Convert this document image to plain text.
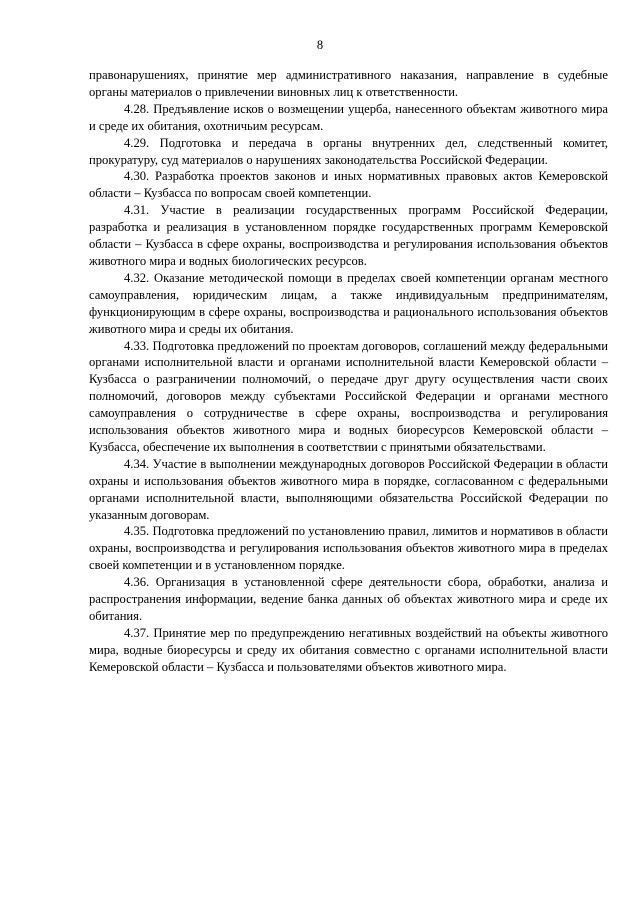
8

правонарушениях, принятие мер административного наказания, направление в судебные органы материалов о привлечении виновных лиц к ответственности.

4.28. Предъявление исков о возмещении ущерба, нанесенного объектам животного мира и среде их обитания, охотничьим ресурсам.

4.29. Подготовка и передача в органы внутренних дел, следственный комитет, прокуратуру, суд материалов о нарушениях законодательства Российской Федерации.

4.30. Разработка проектов законов и иных нормативных правовых актов Кемеровской области – Кузбасса по вопросам своей компетенции.

4.31. Участие в реализации государственных программ Российской Федерации, разработка и реализация в установленном порядке государственных программ Кемеровской области – Кузбасса в сфере охраны, воспроизводства и регулирования использования объектов животного мира и водных биологических ресурсов.

4.32. Оказание методической помощи в пределах своей компетенции органам местного самоуправления, юридическим лицам, а также индивидуальным предпринимателям, функционирующим в сфере охраны, воспроизводства и рационального использования объектов животного мира и среды их обитания.

4.33. Подготовка предложений по проектам договоров, соглашений между федеральными органами исполнительной власти и органами исполнительной власти Кемеровской области – Кузбасса о разграничении полномочий, о передаче друг другу осуществления части своих полномочий, договоров между субъектами Российской Федерации и органами местного самоуправления о сотрудничестве в сфере охраны, воспроизводства и регулирования использования объектов животного мира и водных биоресурсов Кемеровской области – Кузбасса, обеспечение их выполнения в соответствии с принятыми обязательствами.

4.34. Участие в выполнении международных договоров Российской Федерации в области охраны и использования объектов животного мира в порядке, согласованном с федеральными органами исполнительной власти, выполняющими обязательства Российской Федерации по указанным договорам.

4.35. Подготовка предложений по установлению правил, лимитов и нормативов в области охраны, воспроизводства и регулирования использования объектов животного мира в пределах своей компетенции и в установленном порядке.

4.36. Организация в установленной сфере деятельности сбора, обработки, анализа и распространения информации, ведение банка данных об объектах животного мира и среде их обитания.

4.37. Принятие мер по предупреждению негативных воздействий на объекты животного мира, водные биоресурсы и среду их обитания совместно с органами исполнительной власти Кемеровской области – Кузбасса и пользователями объектов животного мира.
